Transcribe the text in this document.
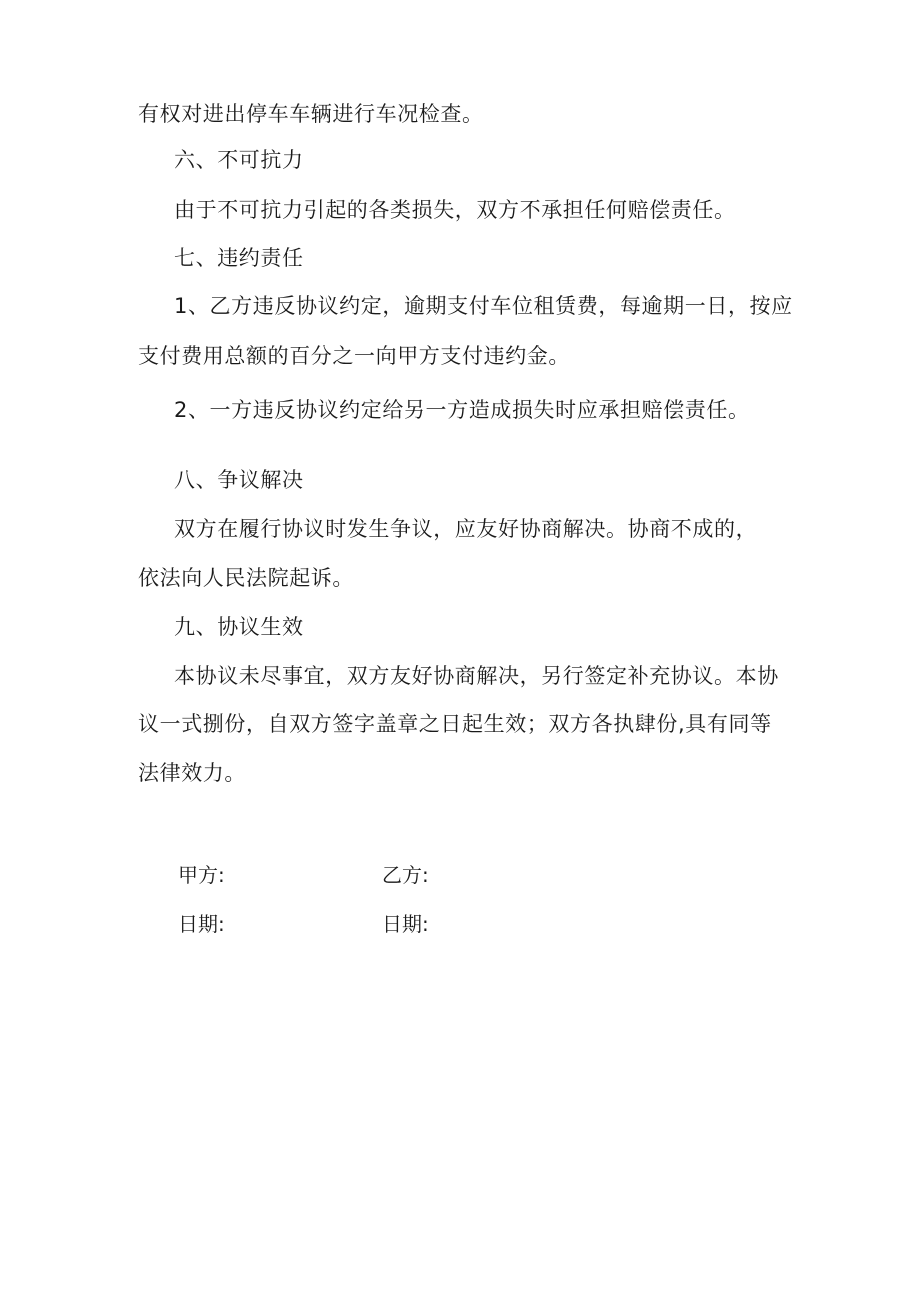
有权对进出停车车辆进行车况检查。
六、不可抗力
由于不可抗力引起的各类损失，双方不承担任何赔偿责任。
七、违约责任
1、乙方违反协议约定，逾期支付车位租赁费，每逾期一日，按应
支付费用总额的百分之一向甲方支付违约金。
2、一方违反协议约定给另一方造成损失时应承担赔偿责任。
八、争议解决
双方在履行协议时发生争议，应友好协商解决。协商不成的，
依法向人民法院起诉。
九、协议生效
本协议未尽事宜，双方友好协商解决，另行签定补充协议。本协
议一式捌份，自双方签字盖章之日起生效；双方各执肆份,具有同等
法律效力。
甲方:	乙方:
日期:	日期:
